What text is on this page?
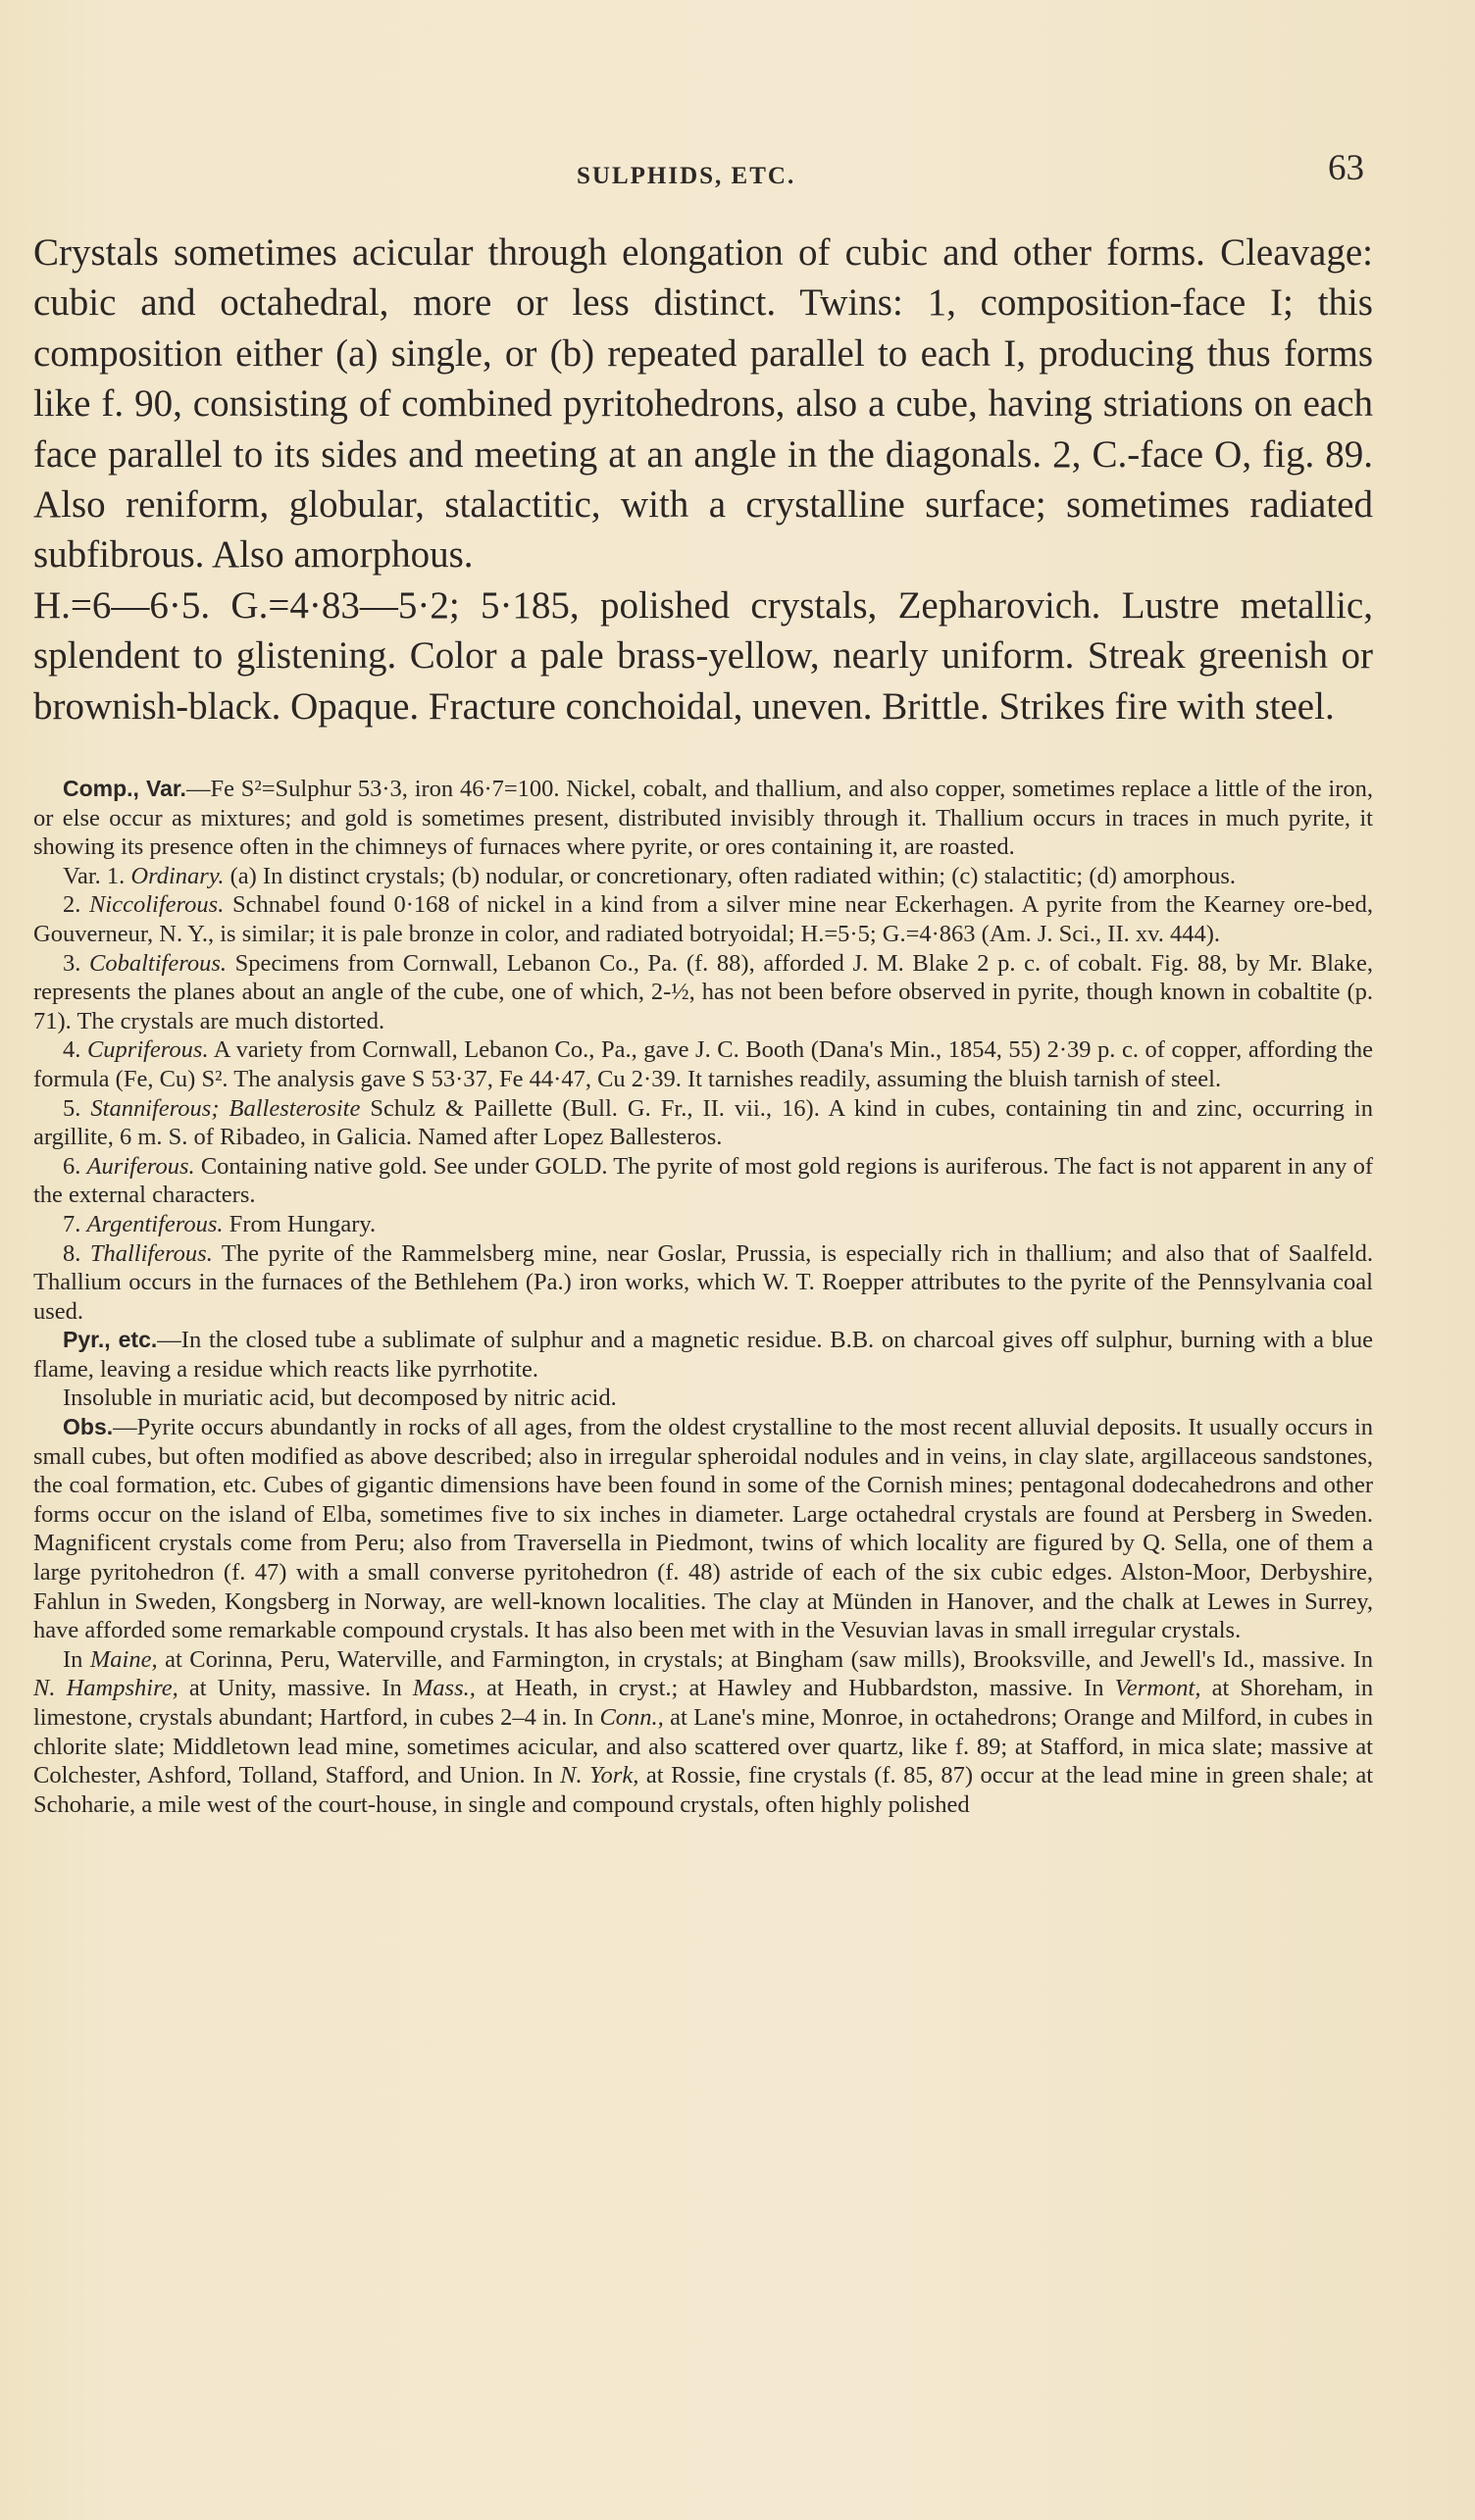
SULPHIDS, ETC.	63

Crystals sometimes acicular through elongation of cubic and other forms. Cleavage: cubic and octahedral, more or less distinct. Twins: 1, composition-face I; this composition either (a) single, or (b) repeated parallel to each I, producing thus forms like f. 90, consisting of combined pyritohedrons, also a cube, having striations on each face parallel to its sides and meeting at an angle in the diagonals. 2, C.-face O, fig. 89. Also reniform, globular, stalactitic, with a crystalline surface; sometimes radiated subfibrous. Also amorphous.

H.=6—6·5. G.=4·83—5·2; 5·185, polished crystals, Zepharovich. Lustre metallic, splendent to glistening. Color a pale brass-yellow, nearly uniform. Streak greenish or brownish-black. Opaque. Fracture conchoidal, uneven. Brittle. Strikes fire with steel.

Comp., Var.—Fe S²=Sulphur 53·3, iron 46·7=100. Nickel, cobalt, and thallium, and also copper, sometimes replace a little of the iron, or else occur as mixtures; and gold is sometimes present, distributed invisibly through it. Thallium occurs in traces in much pyrite, it showing its presence often in the chimneys of furnaces where pyrite, or ores containing it, are roasted.

Var. 1. Ordinary. (a) In distinct crystals; (b) nodular, or concretionary, often radiated within; (c) stalactitic; (d) amorphous.

2. Niccoliferous. Schnabel found 0·168 of nickel in a kind from a silver mine near Eckerhagen. A pyrite from the Kearney ore-bed, Gouverneur, N. Y., is similar; it is pale bronze in color, and radiated botryoidal; H.=5·5; G.=4·863 (Am. J. Sci., II. xv. 444).

3. Cobaltiferous. Specimens from Cornwall, Lebanon Co., Pa. (f. 88), afforded J. M. Blake 2 p. c. of cobalt. Fig. 88, by Mr. Blake, represents the planes about an angle of the cube, one of which, 2-½, has not been before observed in pyrite, though known in cobaltite (p. 71). The crystals are much distorted.

4. Cupriferous. A variety from Cornwall, Lebanon Co., Pa., gave J. C. Booth (Dana's Min., 1854, 55) 2·39 p. c. of copper, affording the formula (Fe, Cu) S². The analysis gave S 53·37, Fe 44·47, Cu 2·39. It tarnishes readily, assuming the bluish tarnish of steel.

5. Stanniferous; Ballesterosite Schulz & Paillette (Bull. G. Fr., II. vii., 16). A kind in cubes, containing tin and zinc, occurring in argillite, 6 m. S. of Ribadeo, in Galicia. Named after Lopez Ballesteros.

6. Auriferous. Containing native gold. See under GOLD. The pyrite of most gold regions is auriferous. The fact is not apparent in any of the external characters.

7. Argentiferous. From Hungary.

8. Thalliferous. The pyrite of the Rammelsberg mine, near Goslar, Prussia, is especially rich in thallium; and also that of Saalfeld. Thallium occurs in the furnaces of the Bethlehem (Pa.) iron works, which W. T. Roepper attributes to the pyrite of the Pennsylvania coal used.

Pyr., etc.—In the closed tube a sublimate of sulphur and a magnetic residue. B.B. on charcoal gives off sulphur, burning with a blue flame, leaving a residue which reacts like pyrrhotite.

Insoluble in muriatic acid, but decomposed by nitric acid.

Obs.—Pyrite occurs abundantly in rocks of all ages, from the oldest crystalline to the most recent alluvial deposits. It usually occurs in small cubes, but often modified as above described; also in irregular spheroidal nodules and in veins, in clay slate, argillaceous sandstones, the coal formation, etc. Cubes of gigantic dimensions have been found in some of the Cornish mines; pentagonal dodecahedrons and other forms occur on the island of Elba, sometimes five to six inches in diameter. Large octahedral crystals are found at Persberg in Sweden. Magnificent crystals come from Peru; also from Traversella in Piedmont, twins of which locality are figured by Q. Sella, one of them a large pyritohedron (f. 47) with a small converse pyritohedron (f. 48) astride of each of the six cubic edges. Alston-Moor, Derbyshire, Fahlun in Sweden, Kongsberg in Norway, are well-known localities. The clay at Münden in Hanover, and the chalk at Lewes in Surrey, have afforded some remarkable compound crystals. It has also been met with in the Vesuvian lavas in small irregular crystals.

In Maine, at Corinna, Peru, Waterville, and Farmington, in crystals; at Bingham (saw mills), Brooksville, and Jewell's Id., massive. In N. Hampshire, at Unity, massive. In Mass., at Heath, in cryst.; at Hawley and Hubbardston, massive. In Vermont, at Shoreham, in limestone, crystals abundant; Hartford, in cubes 2–4 in. In Conn., at Lane's mine, Monroe, in octahedrons; Orange and Milford, in cubes in chlorite slate; Middletown lead mine, sometimes acicular, and also scattered over quartz, like f. 89; at Stafford, in mica slate; massive at Colchester, Ashford, Tolland, Stafford, and Union. In N. York, at Rossie, fine crystals (f. 85, 87) occur at the lead mine in green shale; at Schoharie, a mile west of the court-house, in single and compound crystals, often highly polished
